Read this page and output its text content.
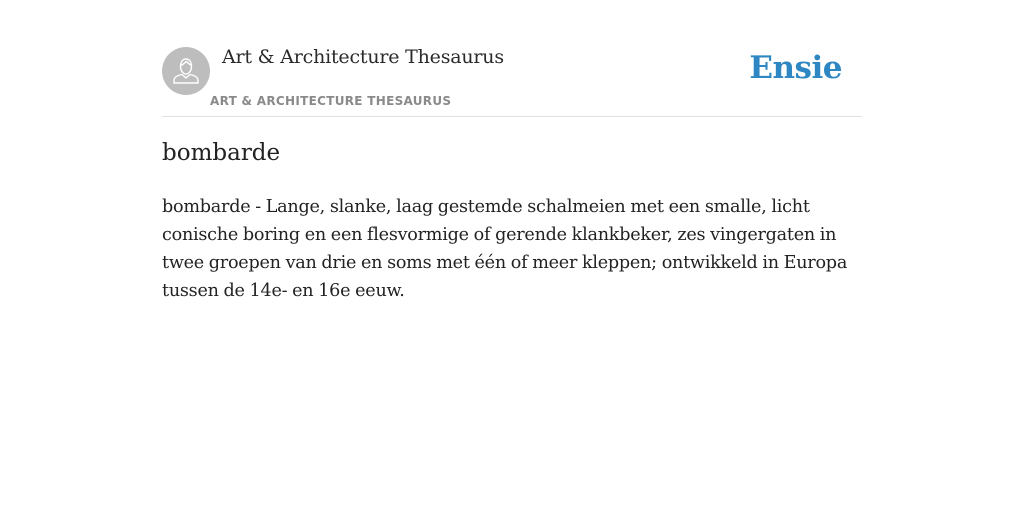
Art & Architecture Thesaurus
ART & ARCHITECTURE THESAURUS
Ensie
bombarde

bombarde - Lange, slanke, laag gestemde schalmeien met een smalle, licht conische boring en een flesvormige of gerende klankbeker, zes vingergaten in twee groepen van drie en soms met één of meer kleppen; ontwikkeld in Europa tussen de 14e- en 16e eeuw.
